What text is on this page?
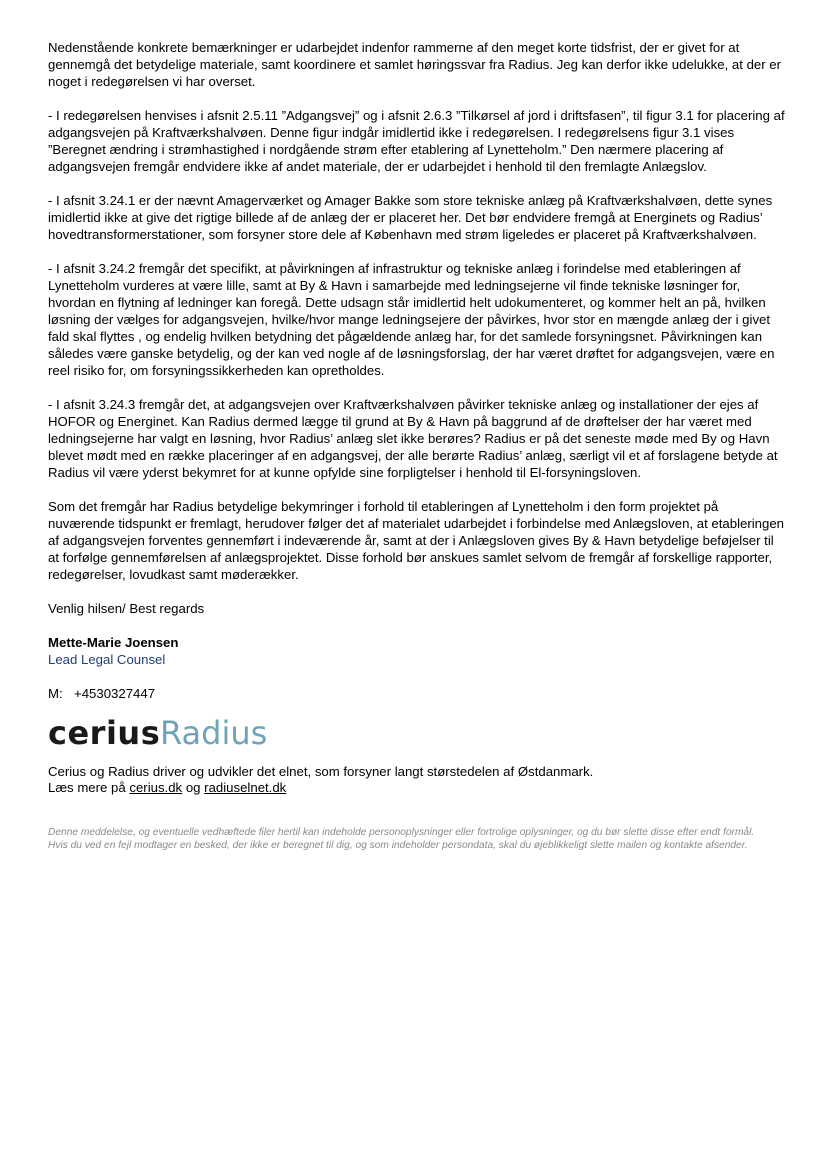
Nedenstående konkrete bemærkninger er udarbejdet indenfor rammerne af den meget korte tidsfrist, der er givet for at gennemgå det betydelige materiale, samt koordinere et samlet høringssvar fra Radius. Jeg kan derfor ikke udelukke, at der er noget i redegørelsen vi har overset.

- I redegørelsen henvises i afsnit 2.5.11 ”Adgangsvej” og i afsnit 2.6.3 ”Tilkørsel af jord i driftsfasen”, til figur 3.1 for placering af adgangsvejen på Kraftværkshalvøen. Denne figur indgår imidlertid ikke i redegørelsen. I redegørelsens figur 3.1 vises ”Beregnet ændring i strømhastighed i nordgående strøm efter etablering af Lynetteholm.” Den nærmere placering af adgangsvejen fremgår endvidere ikke af andet materiale, der er udarbejdet i henhold til den fremlagte Anlægslov.

- I afsnit 3.24.1 er der nævnt Amagerværket og Amager Bakke som store tekniske anlæg på Kraftværkshalvøen, dette synes imidlertid ikke at give det rigtige billede af de anlæg der er placeret her. Det bør endvidere fremgå at Energinets og Radius’ hovedtransformerstationer, som forsyner store dele af København med strøm ligeledes er placeret på Kraftværkshalvøen.

- I afsnit 3.24.2 fremgår det specifikt, at påvirkningen af infrastruktur og tekniske anlæg i forindelse med etableringen af Lynetteholm vurderes at være lille, samt at By & Havn i samarbejde med ledningsejerne vil finde tekniske løsninger for, hvordan en flytning af ledninger kan foregå. Dette udsagn står imidlertid helt udokumenteret, og kommer helt an på, hvilken løsning der vælges for adgangsvejen, hvilke/hvor mange ledningsejere der påvirkes, hvor stor en mængde anlæg der i givet fald skal flyttes , og endelig hvilken betydning det pågældende anlæg har, for det samlede forsyningsnet. Påvirkningen kan således være ganske betydelig, og der kan ved nogle af de løsningsforslag, der har været drøftet for adgangsvejen, være en reel risiko for, om forsyningssikkerheden kan opretholdes.

- I afsnit 3.24.3 fremgår det, at adgangsvejen over Kraftværkshalvøen påvirker tekniske anlæg og installationer der ejes af HOFOR og Energinet. Kan Radius dermed lægge til grund at By & Havn på baggrund af de drøftelser der har været med ledningsejerne har valgt en løsning, hvor Radius’ anlæg slet ikke berøres? Radius er på det seneste møde med By og Havn blevet mødt med en række placeringer af en adgangsvej, der alle berørte Radius’ anlæg, særligt vil et af forslagene betyde at Radius vil være yderst bekymret for at kunne opfylde sine forpligtelser i henhold til El-forsyningsloven.

Som det fremgår har Radius betydelige bekymringer i forhold til etableringen af Lynetteholm i den form projektet på nuværende tidspunkt er fremlagt, herudover følger det af materialet udarbejdet i forbindelse med Anlægsloven, at etableringen af adgangsvejen forventes gennemført i indeværende år, samt at der i Anlægsloven gives By & Havn betydelige beføjelser til at forfølge gennemførelsen af anlægsprojektet. Disse forhold bør anskues samlet selvom de fremgår af forskellige rapporter, redegørelser, lovudkast samt møderækker.

Venlig hilsen/ Best regards

Mette-Marie Joensen

Lead Legal Counsel

M: +4530327447

cerius Radius

Cerius og Radius driver og udvikler det elnet, som forsyner langt størstedelen af Østdanmark.

Læs mere på cerius.dk og radiuselnet.dk

Denne meddelelse, og eventuelle vedhæftede filer hertil kan indeholde personoplysninger eller fortrolige oplysninger, og du bør slette disse efter endt formål.

Hvis du ved en fejl modtager en besked, der ikke er beregnet til dig, og som indeholder persondata, skal du øjeblikkeligt slette mailen og kontakte afsender.
